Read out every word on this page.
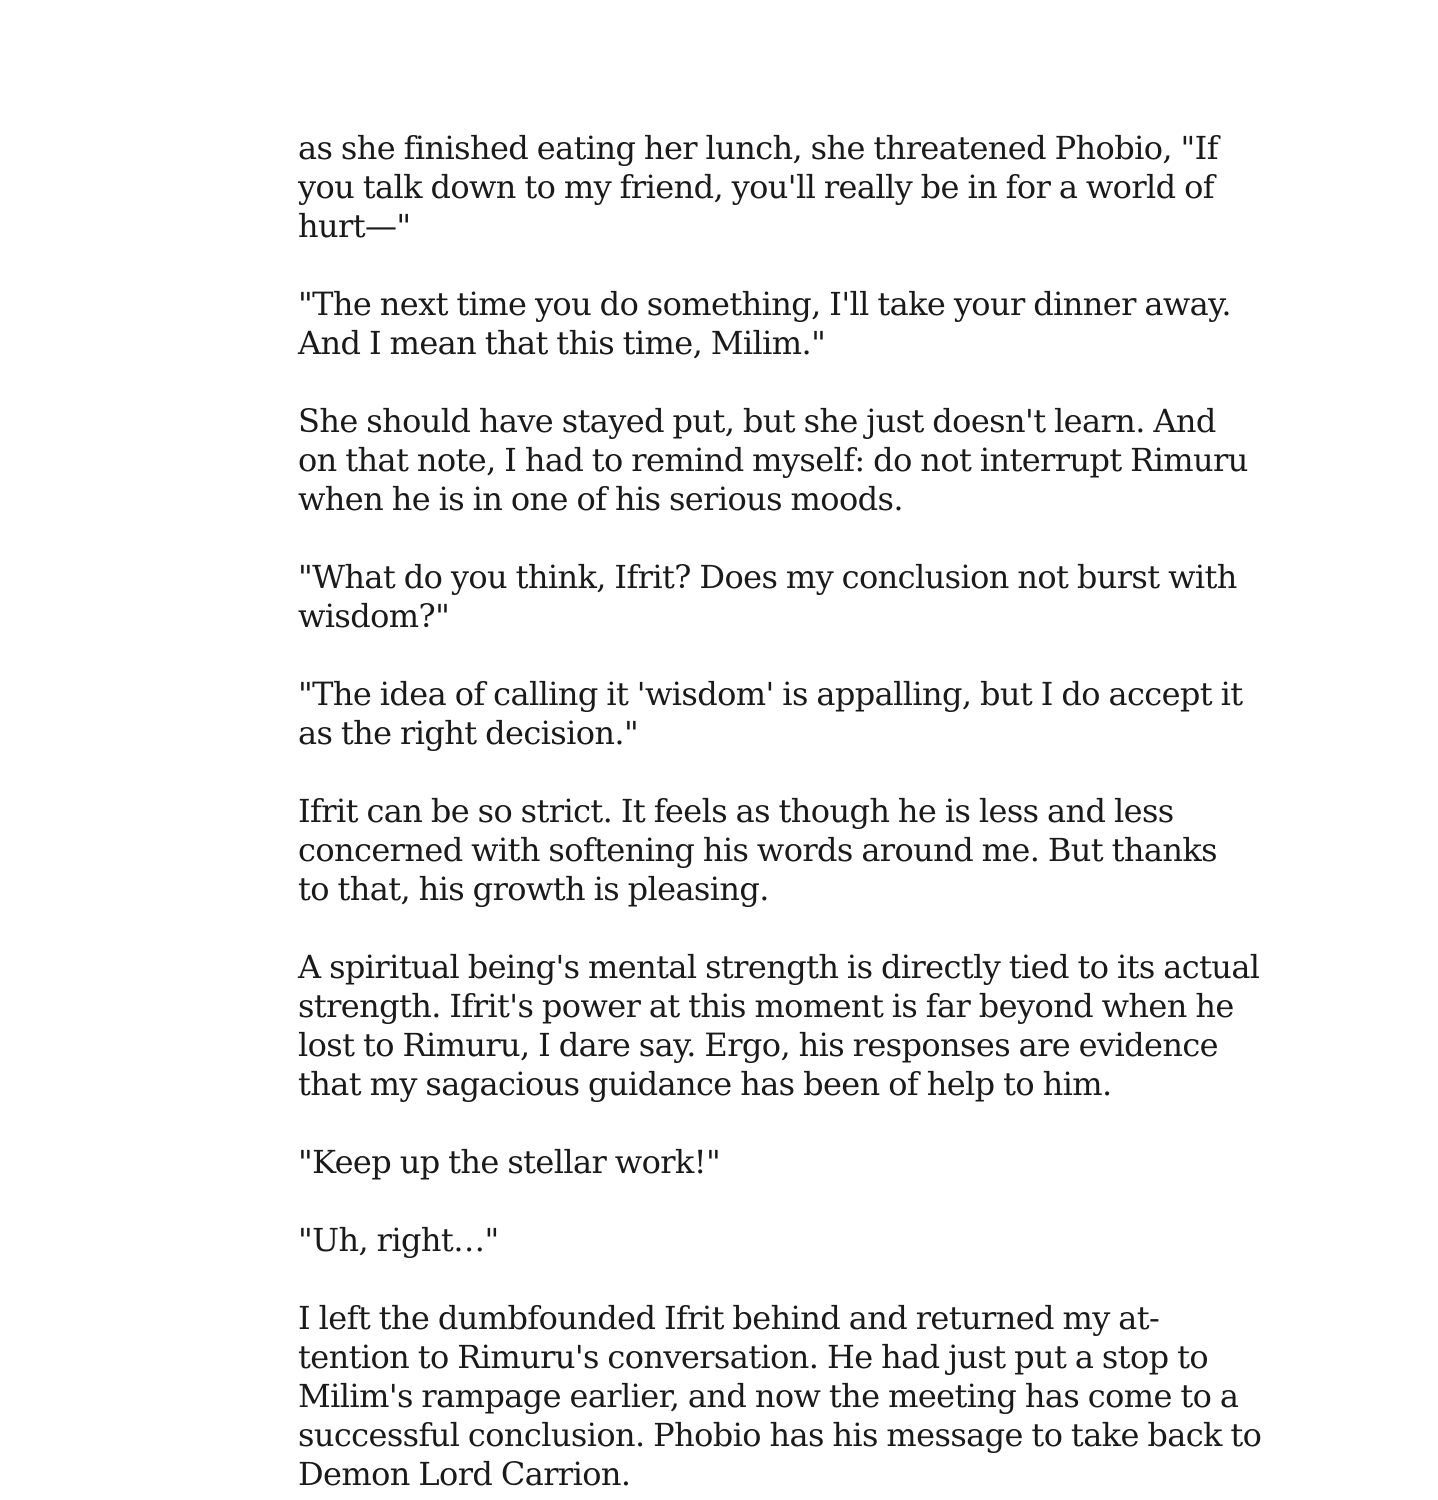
as she finished eating her lunch, she threatened Phobio, "If
you talk down to my friend, you'll really be in for a world of
hurt—"

"The next time you do something, I'll take your dinner away.
And I mean that this time, Milim."

She should have stayed put, but she just doesn't learn. And
on that note, I had to remind myself: do not interrupt Rimuru
when he is in one of his serious moods.

"What do you think, Ifrit? Does my conclusion not burst with
wisdom?"

"The idea of calling it 'wisdom' is appalling, but I do accept it
as the right decision."

Ifrit can be so strict. It feels as though he is less and less
concerned with softening his words around me. But thanks
to that, his growth is pleasing.

A spiritual being's mental strength is directly tied to its actual
strength. Ifrit's power at this moment is far beyond when he
lost to Rimuru, I dare say. Ergo, his responses are evidence
that my sagacious guidance has been of help to him.

"Keep up the stellar work!"

"Uh, right…"

I left the dumbfounded Ifrit behind and returned my at-
tention to Rimuru's conversation. He had just put a stop to
Milim's rampage earlier, and now the meeting has come to a
successful conclusion. Phobio has his message to take back to
Demon Lord Carrion.
